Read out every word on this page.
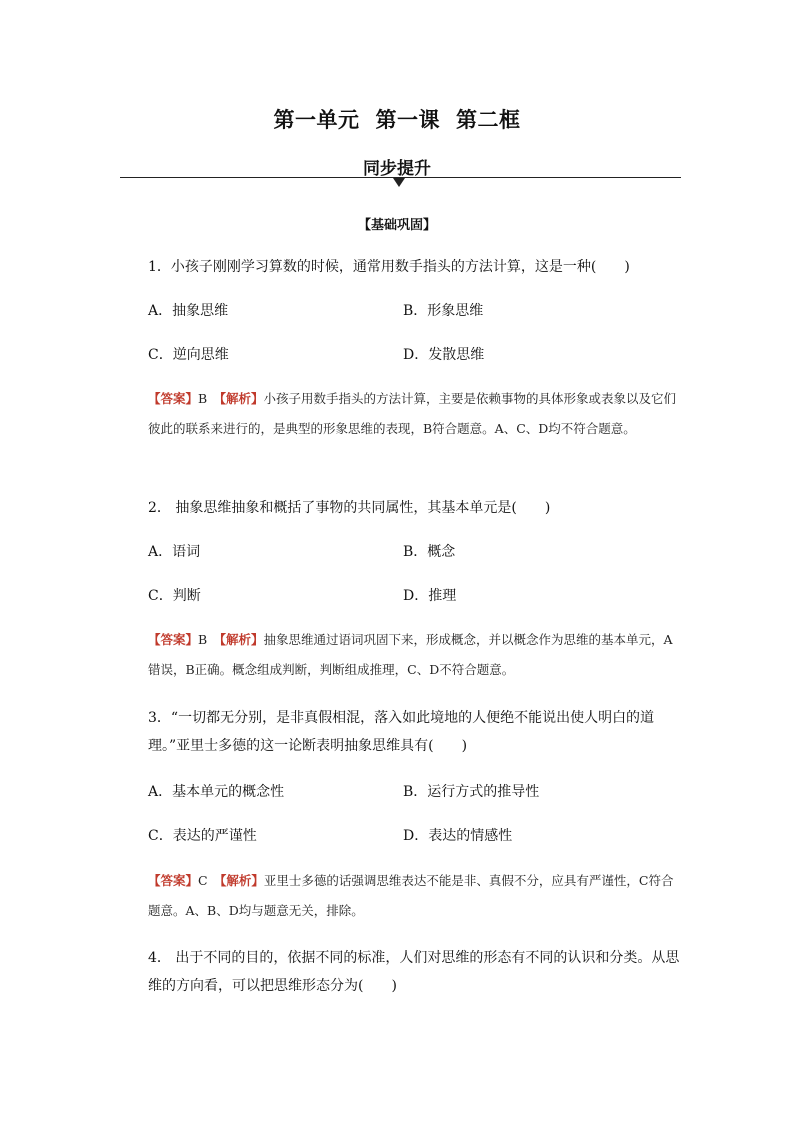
第一单元 第一课 第二框
同步提升
【基础巩固】
1．小孩子刚刚学习算数的时候，通常用数手指头的方法计算，这是一种(　　)
A．抽象思维	B．形象思维
C．逆向思维	D．发散思维
【答案】B　 【解析】小孩子用数手指头的方法计算，主要是依赖事物的具体形象或表象以及它们彼此的联系来进行的，是典型的形象思维的表现，B符合题意。A、C、D均不符合题意。
2． 抽象思维抽象和概括了事物的共同属性，其基本单元是(　　)
A．语词	B．概念
C．判断	D．推理
【答案】B　 【解析】抽象思维通过语词巩固下来，形成概念，并以概念作为思维的基本单元，A错误，B正确。概念组成判断，判断组成推理，C、D不符合题意。
3．“一切都无分别，是非真假相混，落入如此境地的人便绝不能说出使人明白的道理。”亚里士多德的这一论断表明抽象思维具有(　　)
A．基本单元的概念性	B．运行方式的推导性
C．表达的严谨性	D．表达的情感性
【答案】C　 【解析】亚里士多德的话强调思维表达不能是非、真假不分，应具有严谨性，C符合题意。A、B、D均与题意无关，排除。
4． 出于不同的目的，依据不同的标准，人们对思维的形态有不同的认识和分类。从思维的方向看，可以把思维形态分为(　　)
